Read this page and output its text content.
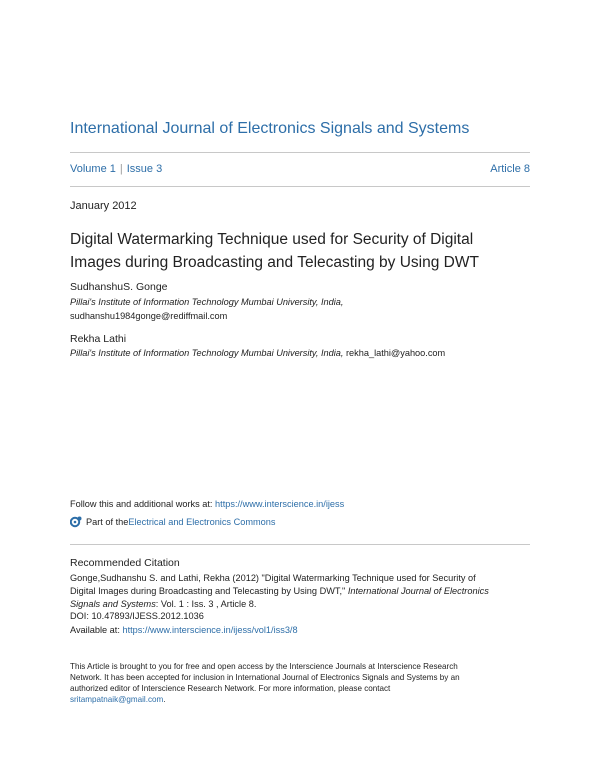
International Journal of Electronics Signals and Systems
Volume 1 | Issue 3	Article 8
January 2012
Digital Watermarking Technique used for Security of Digital
Images during Broadcasting and Telecasting by Using DWT
SudhanshuS. Gonge
Pillai's Institute of Information Technology Mumbai University, India,
sudhanshu1984gonge@rediffmail.com
Rekha Lathi
Pillai's Institute of Information Technology Mumbai University, India, rekha_lathi@yahoo.com
Follow this and additional works at: https://www.interscience.in/ijess
Part of the Electrical and Electronics Commons
Recommended Citation
Gonge,Sudhanshu S. and Lathi, Rekha (2012) "Digital Watermarking Technique used for Security of
Digital Images during Broadcasting and Telecasting by Using DWT," International Journal of Electronics
Signals and Systems: Vol. 1 : Iss. 3 , Article 8.
DOI: 10.47893/IJESS.2012.1036
Available at: https://www.interscience.in/ijess/vol1/iss3/8
This Article is brought to you for free and open access by the Interscience Journals at Interscience Research
Network. It has been accepted for inclusion in International Journal of Electronics Signals and Systems by an
authorized editor of Interscience Research Network. For more information, please contact
sritampatnaik@gmail.com.
